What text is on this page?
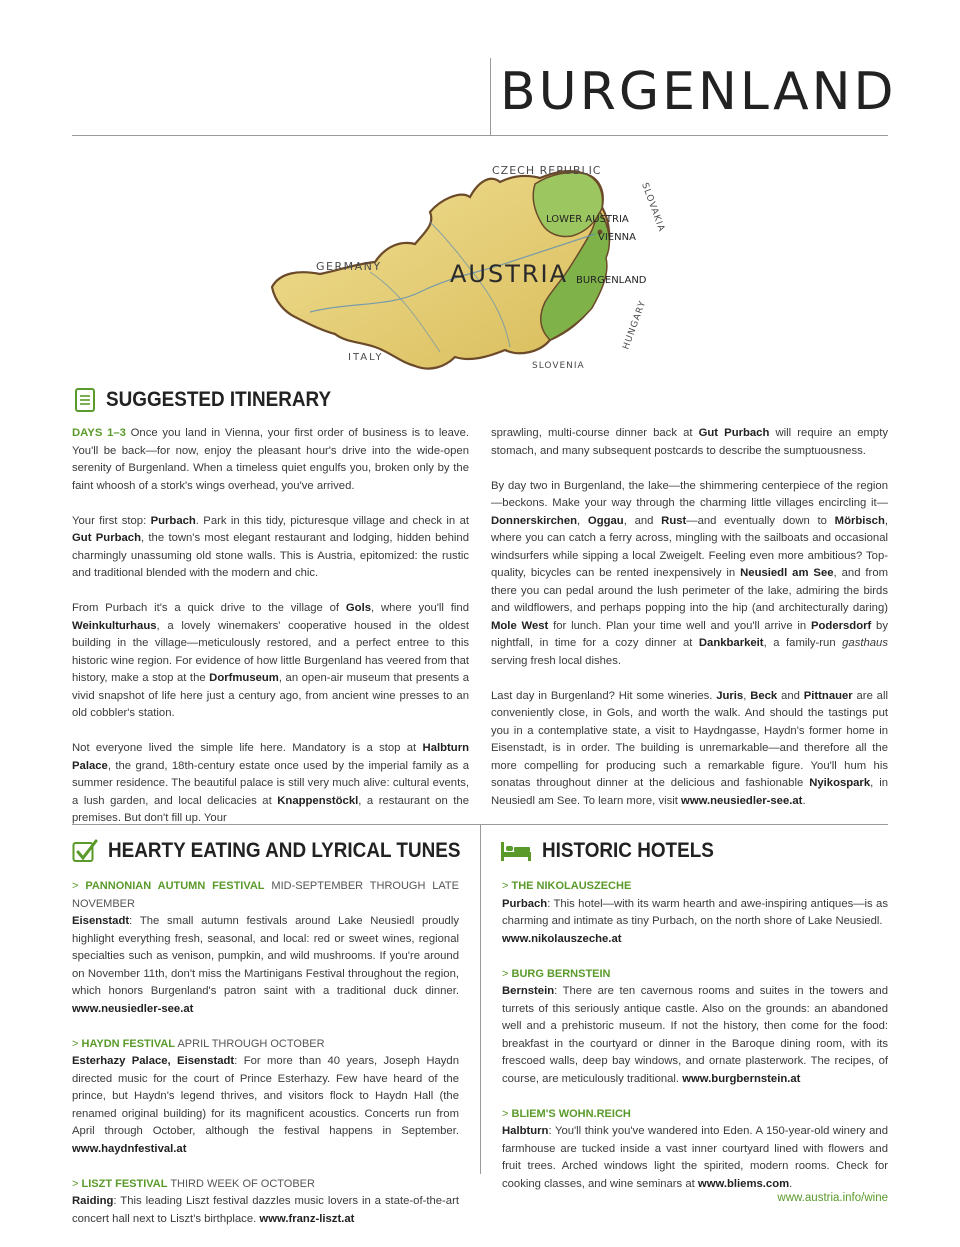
BURGENLAND
CZECH REPUBLIC
SLOVAKIA
LOWER AUSTRIA
VIENNA
GERMANY	AUSTRIA BURGENLAND
HUNGARY
ITALY
SLOVENIA
SUGGESTED ITINERARY

DAYS 1–3 Once you land in Vienna, your first order of business is to leave. You'll be back—for now, enjoy the pleasant hour's drive into the wide-open serenity of Burgenland. When a timeless quiet engulfs you, broken only by the faint whoosh of a stork's wings overhead, you've arrived.

Your first stop: Purbach. Park in this tidy, picturesque village and check in at Gut Purbach, the town's most elegant restaurant and lodging, hidden behind charmingly unassuming old stone walls. This is Austria, epitomized: the rustic and traditional blended with the modern and chic.

From Purbach it's a quick drive to the village of Gols, where you'll find Weinkulturhaus, a lovely winemakers' cooperative housed in the oldest building in the village—meticulously restored, and a perfect entree to this historic wine region. For evidence of how little Burgenland has veered from that history, make a stop at the Dorfmuseum, an open-air museum that presents a vivid snapshot of life here just a century ago, from ancient wine presses to an old cobbler's station.

Not everyone lived the simple life here. Mandatory is a stop at Halbturn Palace, the grand, 18th-century estate once used by the imperial family as a summer residence. The beautiful palace is still very much alive: cultural events, a lush garden, and local delicacies at Knappenstöckl, a restaurant on the premises. But don't fill up. Your

sprawling, multi-course dinner back at Gut Purbach will require an empty stomach, and many subsequent postcards to describe the sumptuousness.

By day two in Burgenland, the lake—the shimmering centerpiece of the region—beckons. Make your way through the charming little villages encircling it—Donnerskirchen, Oggau, and Rust—and eventually down to Mörbisch, where you can catch a ferry across, mingling with the sailboats and occasional windsurfers while sipping a local Zweigelt. Feeling even more ambitious? Top-quality, bicycles can be rented inexpensively in Neusiedl am See, and from there you can pedal around the lush perimeter of the lake, admiring the birds and wildflowers, and perhaps popping into the hip (and architecturally daring) Mole West for lunch. Plan your time well and you'll arrive in Podersdorf by nightfall, in time for a cozy dinner at Dankbarkeit, a family-run gasthaus serving fresh local dishes.

Last day in Burgenland? Hit some wineries. Juris, Beck and Pittnauer are all conveniently close, in Gols, and worth the walk. And should the tastings put you in a contemplative state, a visit to Haydngasse, Haydn's former home in Eisenstadt, is in order. The building is unremarkable—and therefore all the more compelling for producing such a remarkable figure. You'll hum his sonatas throughout dinner at the delicious and fashionable Nyikospark, in Neusiedl am See. To learn more, visit www.neusiedler-see.at.

HEARTY EATING AND LYRICAL TUNES
> PANNONIAN AUTUMN FESTIVAL MID-SEPTEMBER THROUGH LATE NOVEMBER
Eisenstadt: The small autumn festivals around Lake Neusiedl proudly highlight everything fresh, seasonal, and local: red or sweet wines, regional specialties such as venison, pumpkin, and wild mushrooms. If you're around on November 11th, don't miss the Martinigans Festival throughout the region, which honors Burgenland's patron saint with a traditional duck dinner. www.neusiedler-see.at
> HAYDN FESTIVAL APRIL THROUGH OCTOBER
Esterhazy Palace, Eisenstadt: For more than 40 years, Joseph Haydn directed music for the court of Prince Esterhazy. Few have heard of the prince, but Haydn's legend thrives, and visitors flock to Haydn Hall (the renamed original building) for its magnificent acoustics. Concerts run from April through October, although the festival happens in September. www.haydnfestival.at
> LISZT FESTIVAL THIRD WEEK OF OCTOBER
Raiding: This leading Liszt festival dazzles music lovers in a state-of-the-art concert hall next to Liszt's birthplace. www.franz-liszt.at
HISTORIC HOTELS
> THE NIKOLAUSZECHE
Purbach: This hotel—with its warm hearth and awe-inspiring antiques—is as charming and intimate as tiny Purbach, on the north shore of Lake Neusiedl.
www.nikolauszeche.at
> BURG BERNSTEIN
Bernstein: There are ten cavernous rooms and suites in the towers and turrets of this seriously antique castle. Also on the grounds: an abandoned well and a prehistoric museum. If not the history, then come for the food: breakfast in the courtyard or dinner in the Baroque dining room, with its frescoed walls, deep bay windows, and ornate plasterwork. The recipes, of course, are meticulously traditional. www.burgbernstein.at
> BLIEM'S WOHN.REICH
Halbturn: You'll think you've wandered into Eden. A 150-year-old winery and farmhouse are tucked inside a vast inner courtyard lined with flowers and fruit trees. Arched windows light the spirited, modern rooms. Check for cooking classes, and wine seminars at www.bliems.com.
www.austria.info/wine
